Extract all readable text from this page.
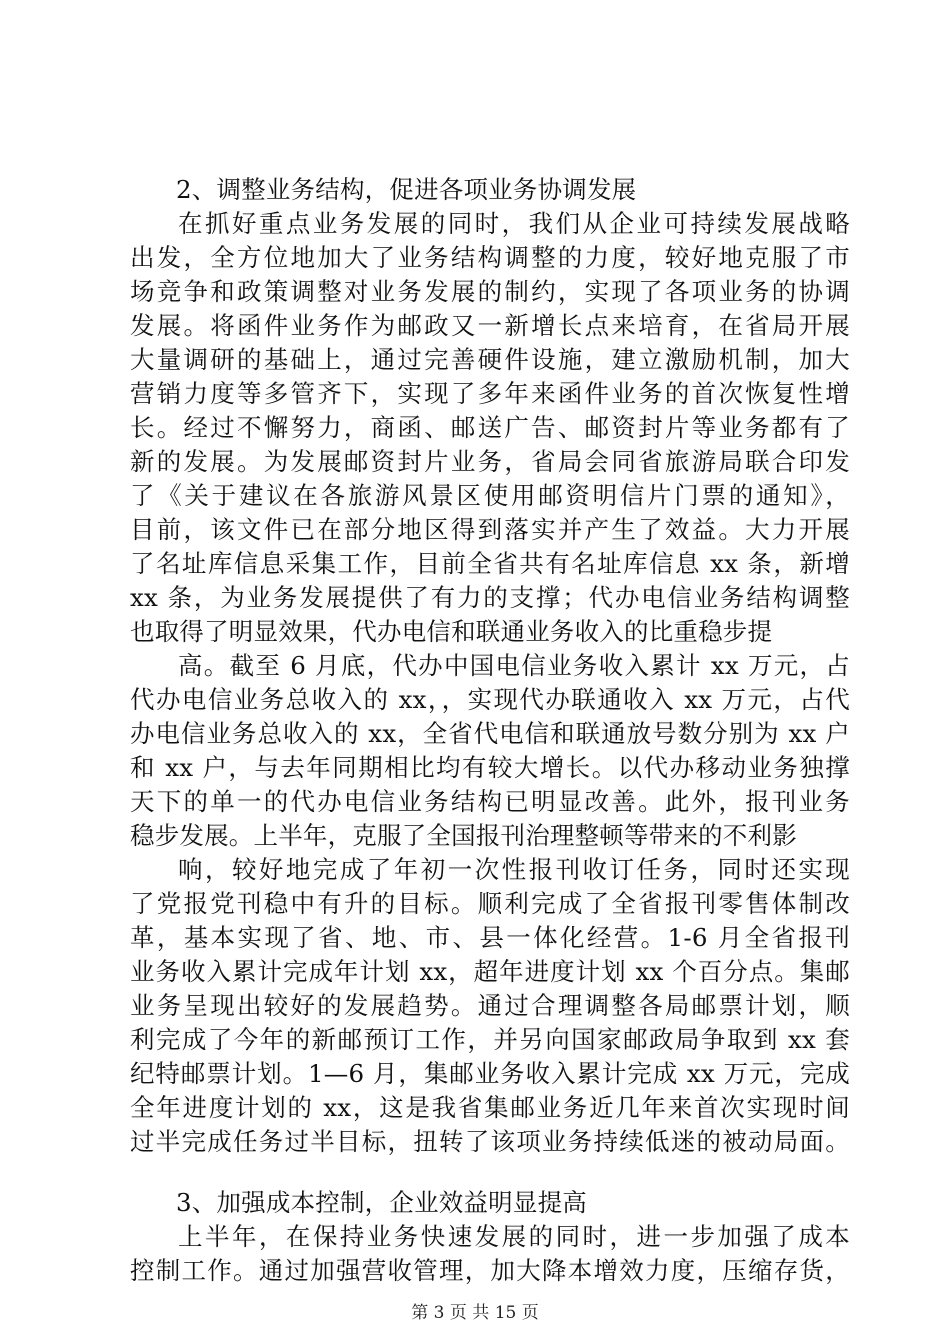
2、调整业务结构，促进各项业务协调发展
在抓好重点业务发展的同时，我们从企业可持续发展战略
出发，全方位地加大了业务结构调整的力度，较好地克服了市
场竞争和政策调整对业务发展的制约，实现了各项业务的协调
发展。将函件业务作为邮政又一新增长点来培育，在省局开展
大量调研的基础上，通过完善硬件设施，建立激励机制，加大
营销力度等多管齐下，实现了多年来函件业务的首次恢复性增
长。经过不懈努力，商函、邮送广告、邮资封片等业务都有了
新的发展。为发展邮资封片业务，省局会同省旅游局联合印发
了《关于建议在各旅游风景区使用邮资明信片门票的通知》，
目前，该文件已在部分地区得到落实并产生了效益。大力开展
了名址库信息采集工作，目前全省共有名址库信息 xx 条，新增
xx 条，为业务发展提供了有力的支撑；代办电信业务结构调整
也取得了明显效果，代办电信和联通业务收入的比重稳步提
高。截至 6 月底，代办中国电信业务收入累计 xx 万元，占
代办电信业务总收入的 xx，，实现代办联通收入 xx 万元，占代
办电信业务总收入的 xx，全省代电信和联通放号数分别为 xx 户
和 xx 户，与去年同期相比均有较大增长。以代办移动业务独撑
天下的单一的代办电信业务结构已明显改善。此外，报刊业务
稳步发展。上半年，克服了全国报刊治理整顿等带来的不利影
响，较好地完成了年初一次性报刊收订任务，同时还实现
了党报党刊稳中有升的目标。顺利完成了全省报刊零售体制改
革，基本实现了省、地、市、县一体化经营。1-6 月全省报刊
业务收入累计完成年计划 xx，超年进度计划 xx 个百分点。集邮
业务呈现出较好的发展趋势。通过合理调整各局邮票计划，顺
利完成了今年的新邮预订工作，并另向国家邮政局争取到 xx 套
纪特邮票计划。1—6 月，集邮业务收入累计完成 xx 万元，完成
全年进度计划的 xx，这是我省集邮业务近几年来首次实现时间
过半完成任务过半目标，扭转了该项业务持续低迷的被动局面。
3、加强成本控制，企业效益明显提高
上半年，在保持业务快速发展的同时，进一步加强了成本
控制工作。通过加强营收管理，加大降本增效力度，压缩存货，
第 3 页 共 15 页
